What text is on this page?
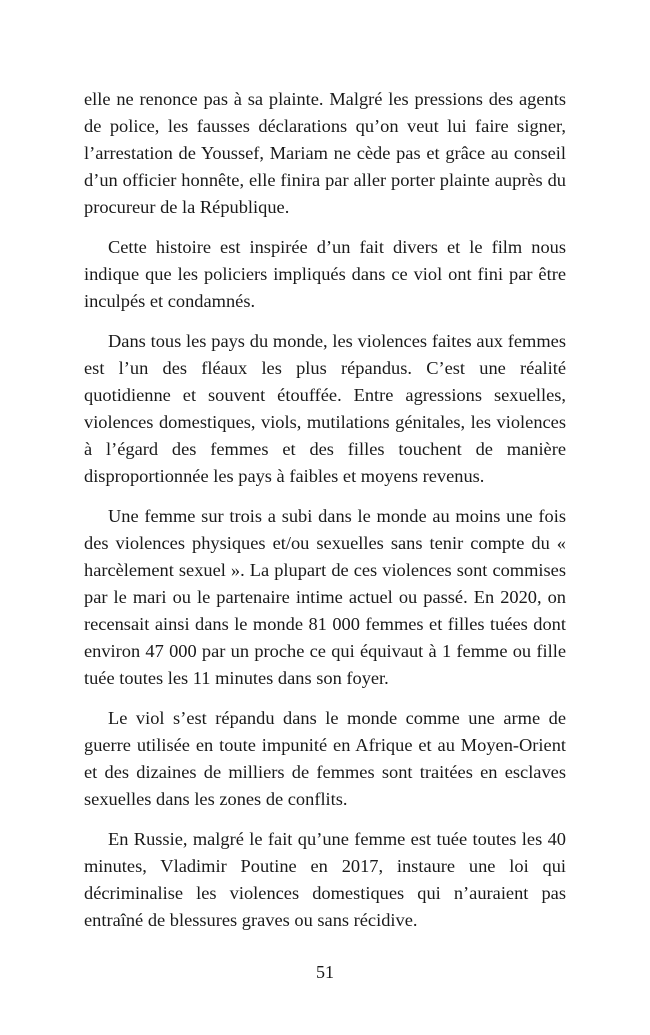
elle ne renonce pas à sa plainte. Malgré les pressions des agents de police, les fausses déclarations qu’on veut lui faire signer, l’arrestation de Youssef, Mariam ne cède pas et grâce au conseil d’un officier honnête, elle finira par aller porter plainte auprès du procureur de la République.

Cette histoire est inspirée d’un fait divers et le film nous indique que les policiers impliqués dans ce viol ont fini par être inculpés et condamnés.

Dans tous les pays du monde, les violences faites aux femmes est l’un des fléaux les plus répandus. C’est une réalité quotidienne et souvent étouffée. Entre agressions sexuelles, violences domestiques, viols, mutilations génitales, les violences à l’égard des femmes et des filles touchent de manière disproportionnée les pays à faibles et moyens revenus.

Une femme sur trois a subi dans le monde au moins une fois des violences physiques et/ou sexuelles sans tenir compte du « harcèlement sexuel ». La plupart de ces violences sont commises par le mari ou le partenaire intime actuel ou passé. En 2020, on recensait ainsi dans le monde 81 000 femmes et filles tuées dont environ 47 000 par un proche ce qui équivaut à 1 femme ou fille tuée toutes les 11 minutes dans son foyer.

Le viol s’est répandu dans le monde comme une arme de guerre utilisée en toute impunité en Afrique et au Moyen-Orient et des dizaines de milliers de femmes sont traitées en esclaves sexuelles dans les zones de conflits.

En Russie, malgré le fait qu’une femme est tuée toutes les 40 minutes, Vladimir Poutine en 2017, instaure une loi qui décriminalise les violences domestiques qui n’auraient pas entraîné de blessures graves ou sans récidive.

51
